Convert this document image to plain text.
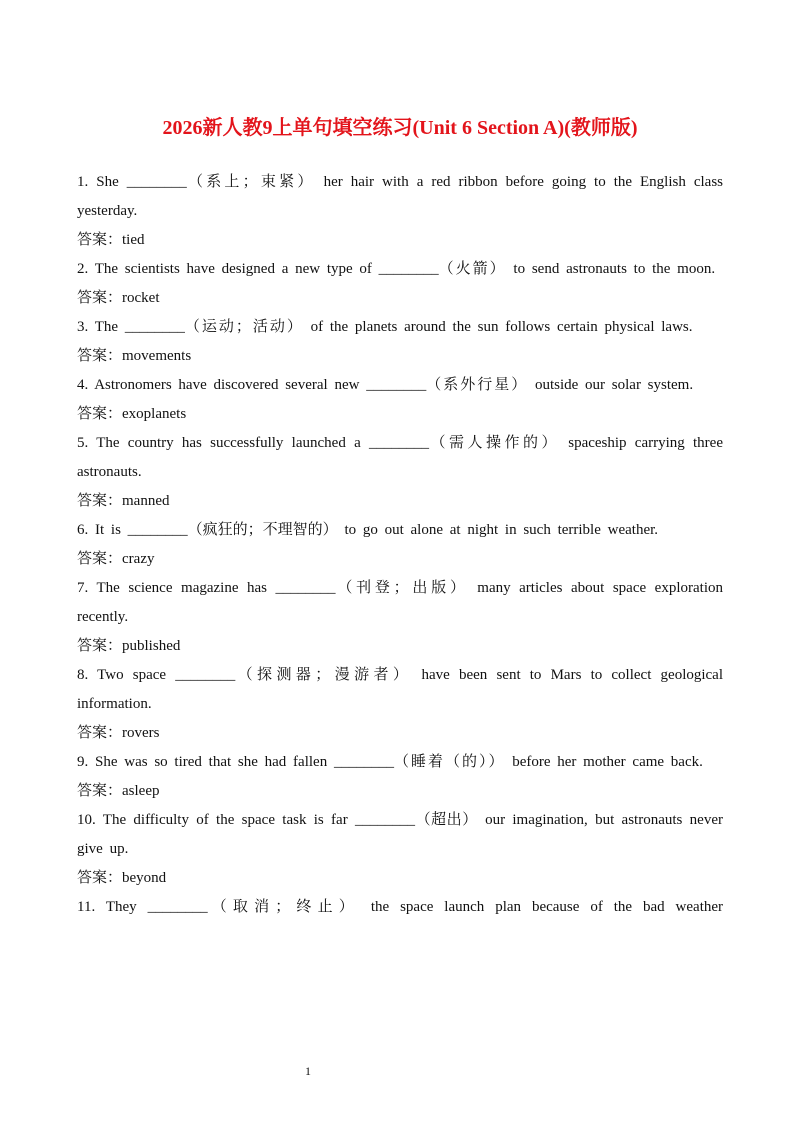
2026新人教9上单句填空练习(Unit 6 Section A)(教师版)

1. She ________（系上；束紧） her hair with a red ribbon before going to the English class yesterday.

答案：tied

2. The scientists have designed a new type of ________（火箭） to send astronauts to the moon.

答案：rocket

3. The ________（运动；活动） of the planets around the sun follows certain physical laws.

答案：movements

4. Astronomers have discovered several new ________（系外行星） outside our solar system.

答案：exoplanets

5. The country has successfully launched a ________（需人操作的） spaceship carrying three astronauts.

答案：manned

6. It is ________（疯狂的；不理智的） to go out alone at night in such terrible weather.

答案：crazy

7. The science magazine has ________（刊登；出版） many articles about space exploration recently.

答案：published

8. Two space ________（探测器；漫游者） have been sent to Mars to collect geological information.

答案：rovers

9. She was so tired that she had fallen ________（睡着（的）） before her mother came back.

答案：asleep

10. The difficulty of the space task is far ________（超出） our imagination, but astronauts never give up.

答案：beyond

11. They ________（取消；终止） the space launch plan because of the bad weather

1
